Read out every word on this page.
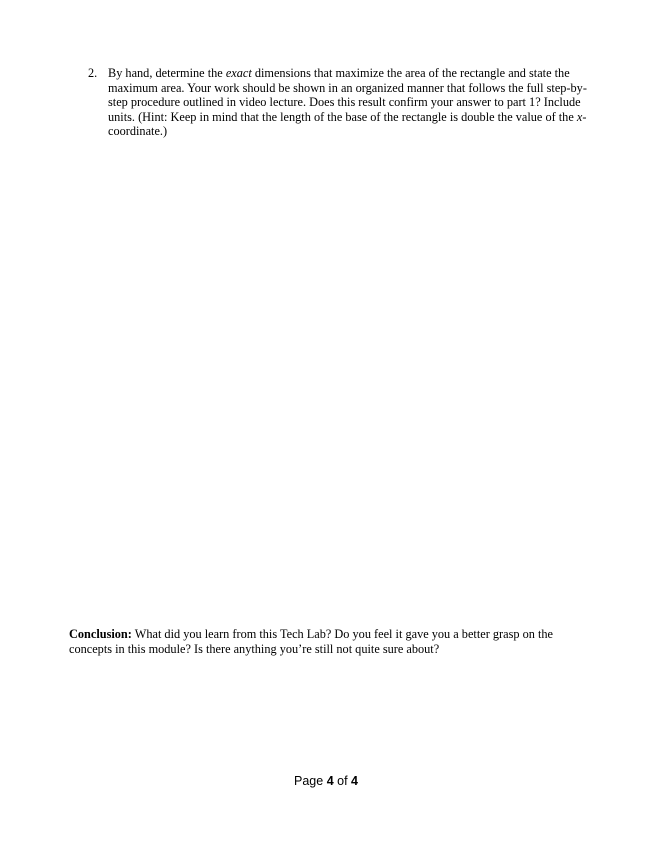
2. By hand, determine the exact dimensions that maximize the area of the rectangle and state the maximum area. Your work should be shown in an organized manner that follows the full step-by-step procedure outlined in video lecture. Does this result confirm your answer to part 1? Include units. (Hint: Keep in mind that the length of the base of the rectangle is double the value of the x-coordinate.)
Conclusion: What did you learn from this Tech Lab? Do you feel it gave you a better grasp on the concepts in this module? Is there anything you’re still not quite sure about?
Page 4 of 4
